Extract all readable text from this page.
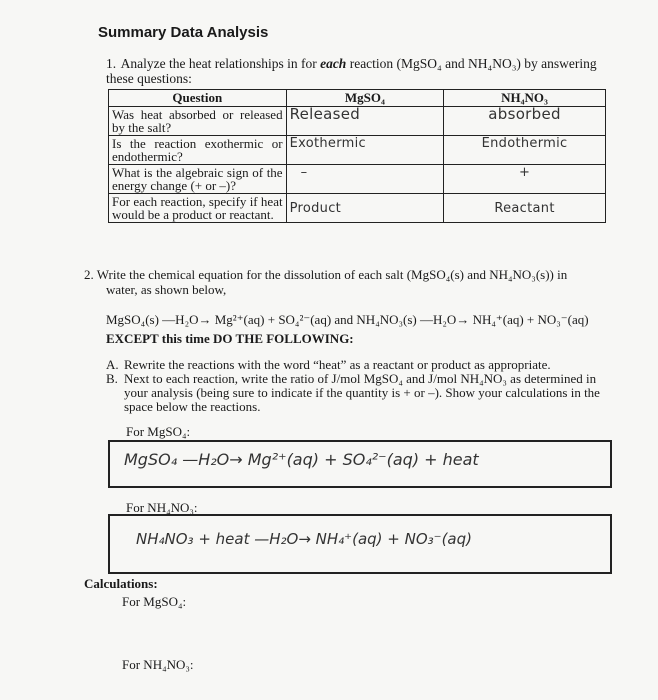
Summary Data Analysis
1. Analyze the heat relationships in for each reaction (MgSO₄ and NH₄NO₃) by answering these questions:
Question	MgSO₄	NH₄NO₃
Was heat absorbed or released by the salt?	Released	absorbed
Is the reaction exothermic or endothermic?	Exothermic	Endothermic
What is the algebraic sign of the energy change (+ or –)?	–	+
For each reaction, specify if heat would be a product or reactant.	Product	Reactant
2. Write the chemical equation for the dissolution of each salt (MgSO₄(s) and NH₄NO₃(s)) in
water, as shown below,
MgSO₄(s) —H₂O→ Mg²⁺(aq) + SO₄²⁻(aq) and NH₄NO₃(s) —H₂O→ NH₄⁺(aq) + NO₃⁻(aq)
EXCEPT this time DO THE FOLLOWING:
A. Rewrite the reactions with the word “heat” as a reactant or product as appropriate.
B. Next to each reaction, write the ratio of J/mol MgSO₄ and J/mol NH₄NO₃ as determined in your analysis (being sure to indicate if the quantity is + or –). Show your calculations in the space below the reactions.
For MgSO₄:
MgSO₄ —H₂O→ Mg²⁺(aq) + SO₄²⁻(aq) + heat
For NH₄NO₃:
NH₄NO₃ + heat —H₂O→ NH₄⁺(aq) + NO₃⁻(aq)
Calculations:
For MgSO₄:
For NH₄NO₃:
